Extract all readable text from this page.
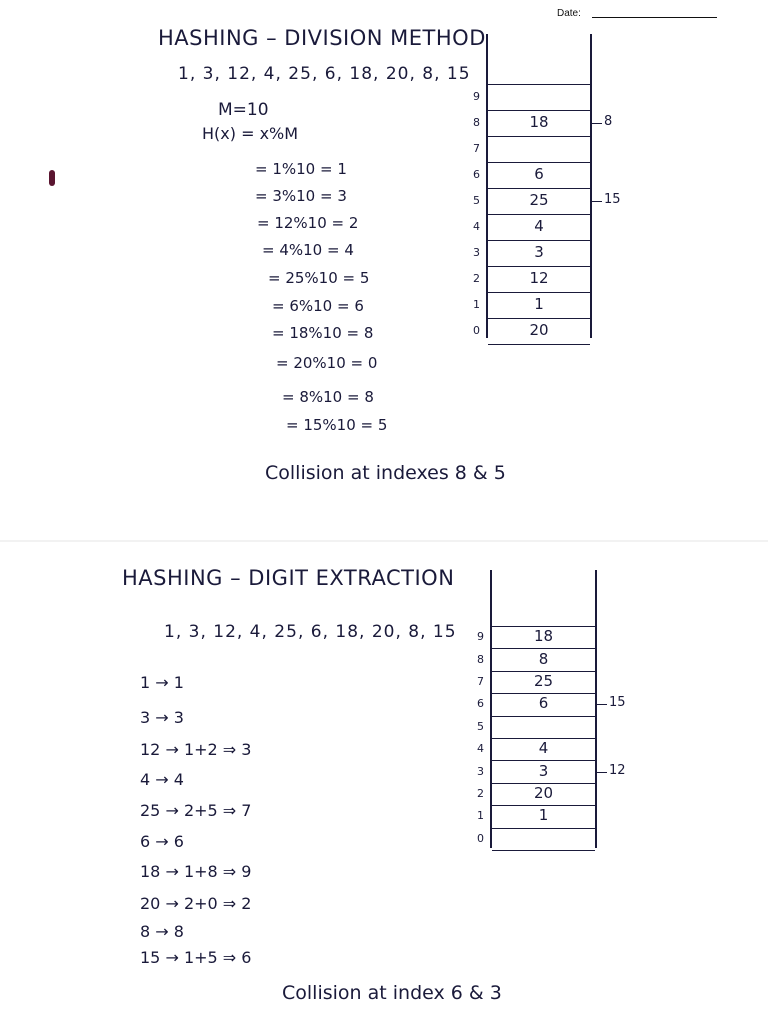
Date:
HASHING – DIVISION METHOD
1, 3, 12, 4, 25, 6, 18, 20, 8, 15
M=10
H(x) = x%M
= 1%10 = 1
= 3%10 = 3
= 12%10 = 2
= 4%10 = 4
= 25%10 = 5
= 6%10 = 6
= 18%10 = 8
= 20%10 = 0
= 8%10 = 8
= 15%10 = 5
9
8	18
7
6	6
5	25
4	4
3	3
2	12
1	1
0	20
8
15
Collision at indexes 8 & 5
HASHING – DIGIT EXTRACTION
1, 3, 12, 4, 25, 6, 18, 20, 8, 15
1 → 1
3 → 3
12 → 1+2 ⇒ 3
4 → 4
25 → 2+5 ⇒ 7
6 → 6
18 → 1+8 ⇒ 9
20 → 2+0 ⇒ 2
8 → 8
15 → 1+5 ⇒ 6
9	18
8	8
7	25
6	6
5
4	4
3	3
2	20
1	1
0
15
12
Collision at index 6 & 3
